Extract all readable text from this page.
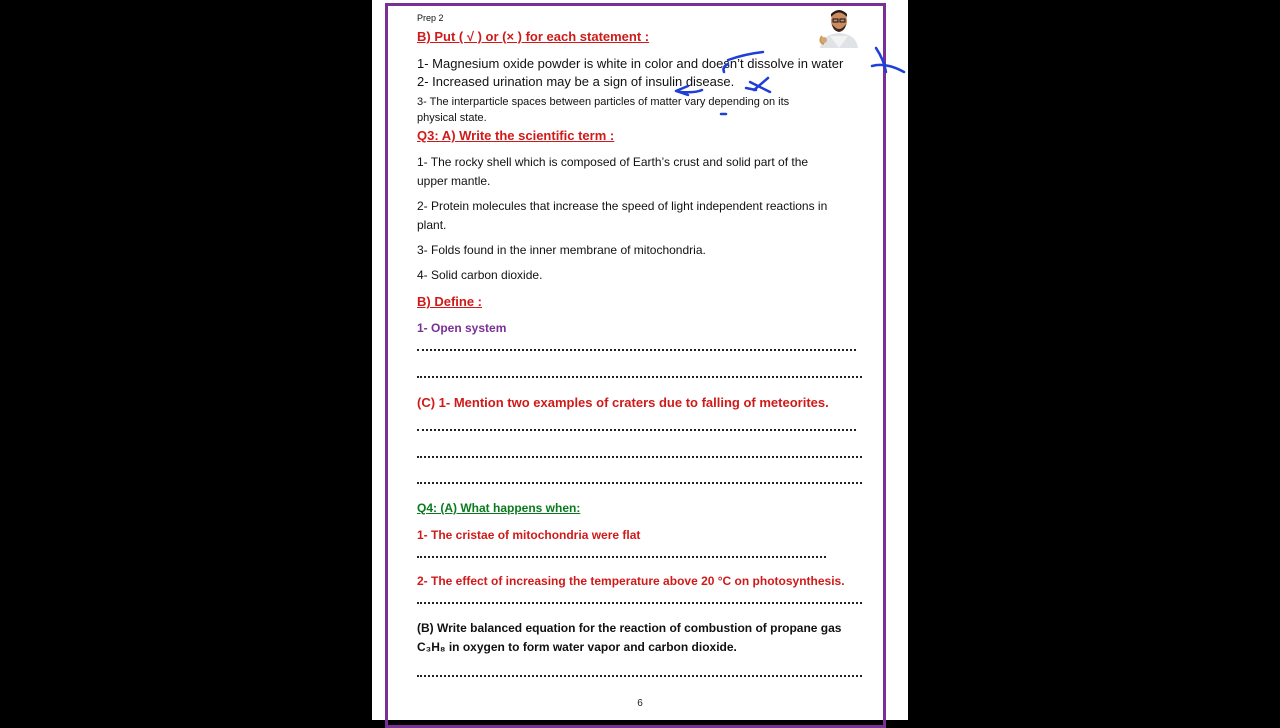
Prep 2
B) Put ( √ ) or (× ) for each statement :
1- Magnesium oxide powder is white in color and doesn’t dissolve in water
2- Increased urination may be a sign of insulin disease.
3- The interparticle spaces between particles of matter vary depending on its
physical state.
Q3: A) Write the scientific term :
1- The rocky shell which is composed of Earth’s crust and solid part of the
upper mantle.
2- Protein molecules that increase the speed of light independent reactions in
plant.
3- Folds found in the inner membrane of mitochondria.
4- Solid carbon dioxide.
B) Define :
1- Open system
(C) 1- Mention two examples of craters due to falling of meteorites.
Q4: (A) What happens when:
1- The cristae of mitochondria were flat
2- The effect of increasing the temperature above 20 °C on photosynthesis.
(B) Write balanced equation for the reaction of combustion of propane gas
C₃H₈ in oxygen to form water vapor and carbon dioxide.
6
